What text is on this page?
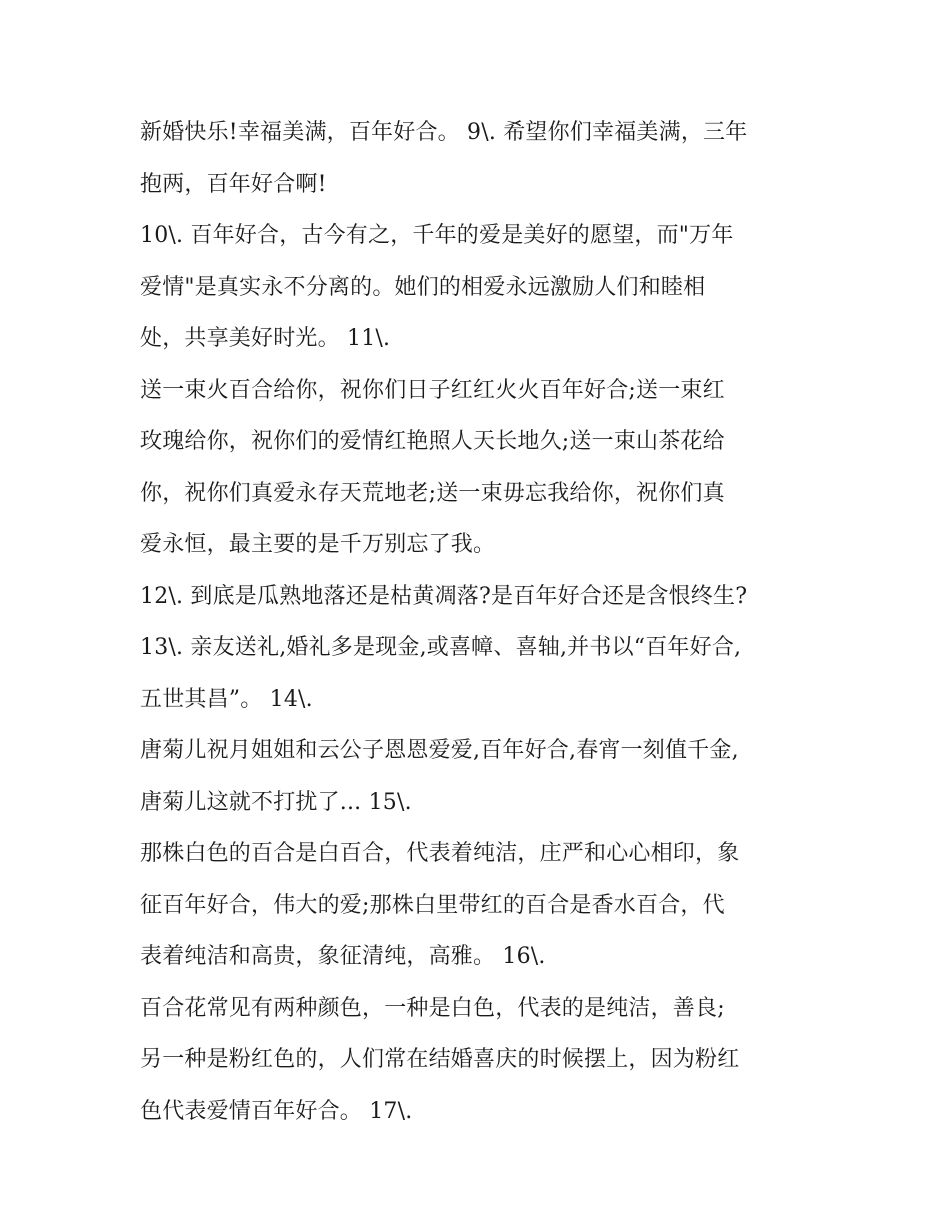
新婚快乐!幸福美满，百年好合。 9\. 希望你们幸福美满，三年
抱两，百年好合啊!
10\. 百年好合，古今有之，千年的爱是美好的愿望，而"万年
爱情"是真实永不分离的。她们的相爱永远激励人们和睦相
处，共享美好时光。 11\.
送一束火百合给你，祝你们日子红红火火百年好合;送一束红
玫瑰给你，祝你们的爱情红艳照人天长地久;送一束山茶花给
你，祝你们真爱永存天荒地老;送一束毋忘我给你，祝你们真
爱永恒，最主要的是千万别忘了我。
12\. 到底是瓜熟地落还是枯黄凋落?是百年好合还是含恨终生?
13\. 亲友送礼,婚礼多是现金,或喜幛、喜轴,并书以“百年好合,
五世其昌”。 14\.
唐菊儿祝月姐姐和云公子恩恩爱爱,百年好合,春宵一刻值千金,
唐菊儿这就不打扰了... 15\.
那株白色的百合是白百合，代表着纯洁，庄严和心心相印，象
征百年好合，伟大的爱;那株白里带红的百合是香水百合，代
表着纯洁和高贵，象征清纯，高雅。 16\.
百合花常见有两种颜色，一种是白色，代表的是纯洁，善良;
另一种是粉红色的，人们常在结婚喜庆的时候摆上，因为粉红
色代表爱情百年好合。 17\.
